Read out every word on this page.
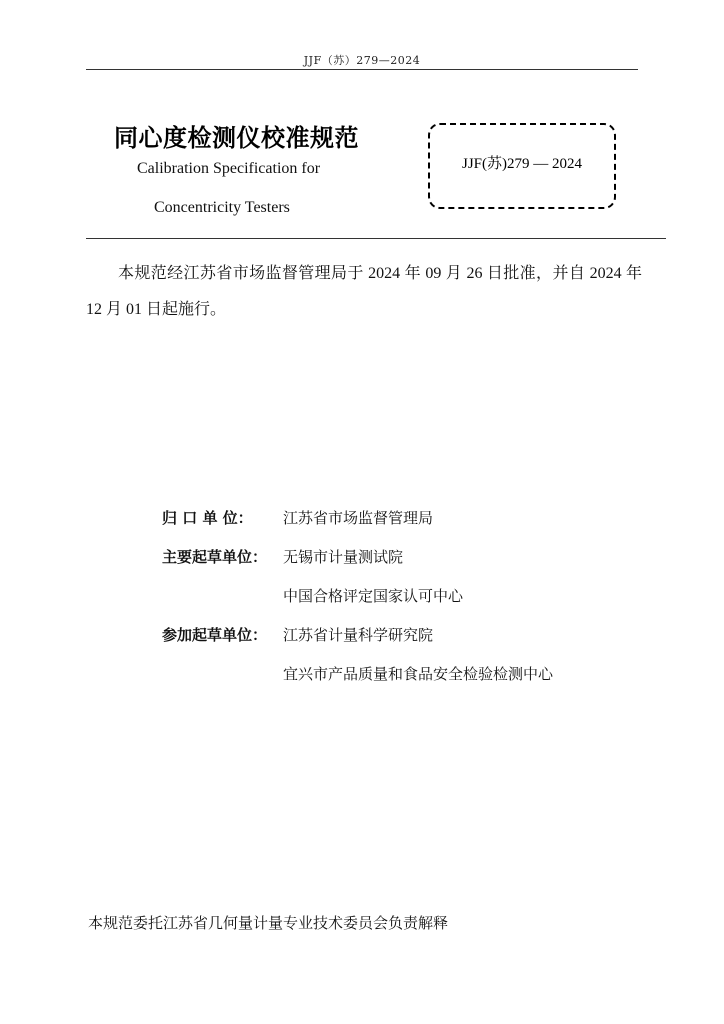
JJF（苏）279—2024
同心度检测仪校准规范
Calibration Specification for
Concentricity Testers
JJF(苏)279 — 2024
本规范经江苏省市场监督管理局于 2024 年 09 月 26 日批准，并自 2024 年 12 月 01 日起施行。
归 口 单 位： 江苏省市场监督管理局
主要起草单位： 无锡市计量测试院
中国合格评定国家认可中心
参加起草单位： 江苏省计量科学研究院
宜兴市产品质量和食品安全检验检测中心
本规范委托江苏省几何量计量专业技术委员会负责解释
